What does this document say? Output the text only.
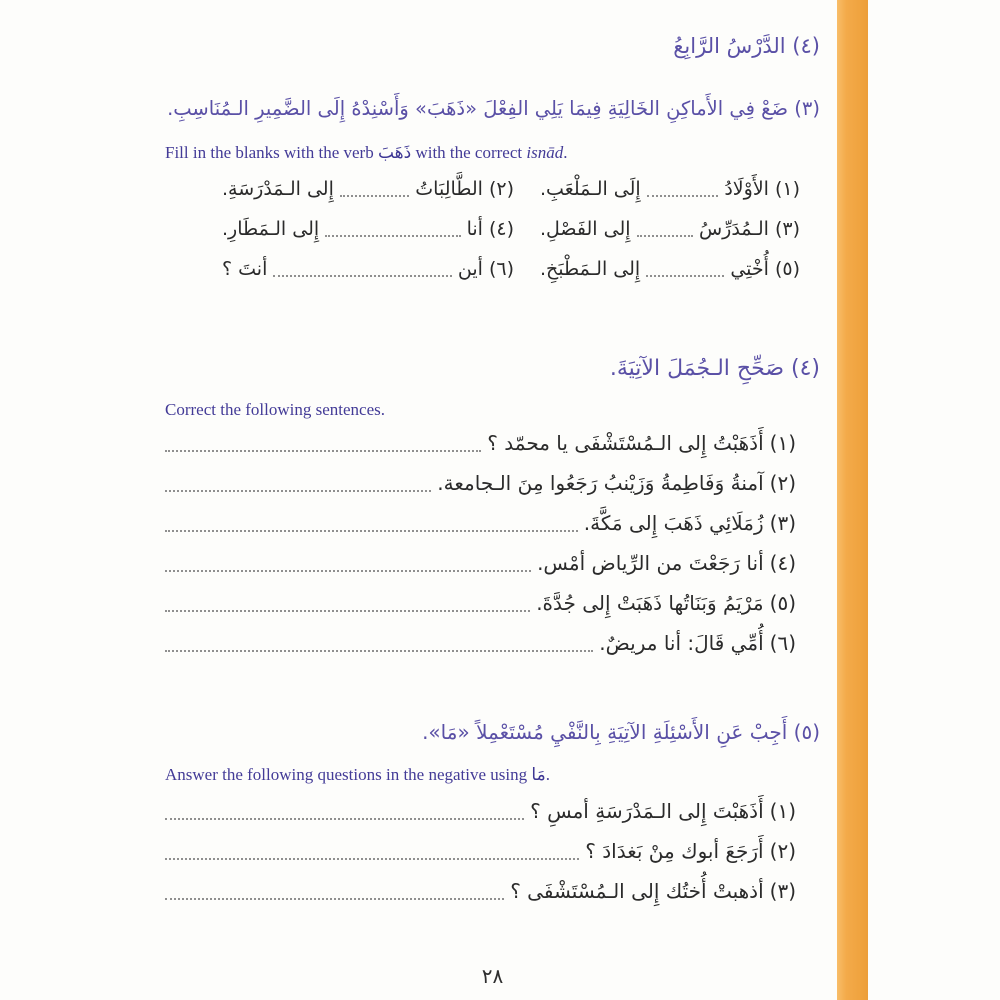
(٤) الدَّرْسُ الرَّابِعُ
(٣) ضَعْ فِي الأَماكِنِ الخَالِيَةِ فِيمَا يَلِي الفِعْلَ «ذَهَبَ» وَأَسْنِدْهُ إِلَى الضَّمِيرِ الـمُنَاسِبِ.
Fill in the blanks with the verb ذَهَبَ with the correct isnād.
(١)
الأَوْلَادُ
إِلَى الـمَلْعَبِ.
(٢)
الطَّالِبَاتُ
إِلى الـمَدْرَسَةِ.
(٣)
الـمُدَرِّسُ
إِلى الفَصْلِ.
(٤)
أنا
إِلى الـمَطَارِ.
(٥)
أُخْتِي
إِلى الـمَطْبَخِ.
(٦)
أين
أنتَ ؟
(٤) صَحِّحِ الـجُمَلَ الآتِيَةَ.
Correct the following sentences.
(١)
أَذَهَبْتُ إِلى الـمُسْتَشْفَى يا محمّد ؟
(٢)
آمنةُ وَفَاطِمةُ وَزَيْنبُ رَجَعُوا مِنَ الـجامعة.
(٣)
زُمَلَائِي ذَهَبَ إِلى مَكَّةَ.
(٤)
أنا رَجَعْتَ من الرِّياض أمْس.
(٥)
مَرْيَمُ وَبَنَاتُها ذَهَبَتْ إِلى جُدَّةَ.
(٦)
أُمِّي قَالَ: أنا مريضٌ.
(٥) أَجِبْ عَنِ الأَسْئِلَةِ الآتِيَةِ بِالنَّفْيِ مُسْتَعْمِلاً «مَا».
Answer the following questions in the negative using مَا.
(١)
أَذَهَبْتَ إِلى الـمَدْرَسَةِ أمسِ ؟
(٢)
أَرَجَعَ أبوك مِنْ بَغدَادَ ؟
(٣)
أذهبتْ أُختُك إِلى الـمُسْتَشْفَى ؟
٢٨
